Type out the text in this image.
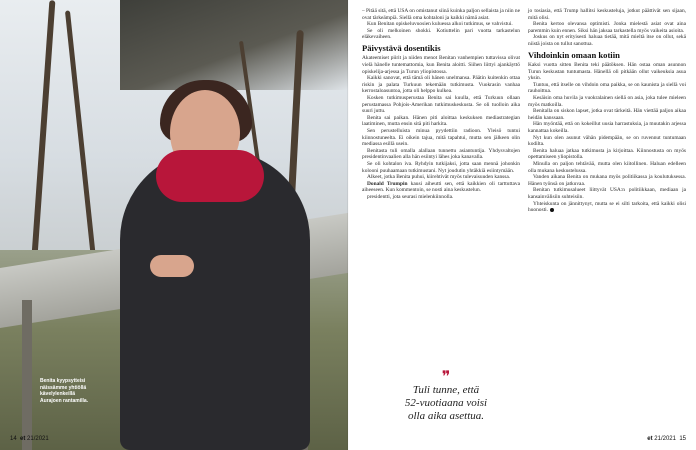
Benita kyypsytteisi
näissämme yhtiöllä
kävelylenkeillä
Aurajoen rantamilla.
14 et 21/2021

– Pitää sitä, että USA on omistanut siinä kuinka paljon sellaista ja niin ne ovat tärkeämpiä. Siellä oma kohtaloni ja kaikki nämä asiat.

Kun Benitan opiskeluvuosien kuluessa alkoi tutkimus, se vahvistui.

Se oli melkoinen shokki. Kotiuttelin pari vuotta tarkastelun eläkevaiheen.

Päivystävä dosentikis

Akateemiset piirit ja niiden menot Benitan vanhempien tuttavissa olivat vielä hänelle tuntemattomia, kun Benita aloitti. Siihen liittyi ajankäyttö opiskelija-arjessa ja Turun yliopistossa.

Kaikki sanovat, että tämä oli hänen unelmansa. Päätin kuitenkin ottaa riskin ja palata Turkuun tekemään tutkimusta. Vuokrasin vanhaa kerrostaloasuntoa, jotta oli helppo kulkea.

Kosken tutkimusperustaa Benita sai kuulla, että Turkuun ollaan perustamassa Pohjois-Amerikan tutkimuskeskusta. Se oli tuolloin aika suuri juttu.

Benita sai paikan. Hänen piti aloittaa keskuksen mediastrategian laatiminen, mutta ensin sitä piti harkita.

Sen perustelluista minua pyydettiin radioon. Yleisö tuntui kiinnostuneelta. Ei oikein tajua, mitä tapahtui, mutta sen jälkeen olin mediassa esillä usein.

Benitasta tuli omalla alallaan tunnettu asiantuntija. Yhdysvaltojen presidentinvaalien alla hän esiintyi lähes joka kanavalla.

Se oli kohtalon iva. Ryhdyin tutkijaksi, jotta saan mennä johonkin kolooni puuhaamaan tutkimustani. Nyt joudutin yhtäkkiä esiintymään.

Alkeet, jotka Benita puhui, kiirehtivät myös tulevaisuuden kanssa.

Donald Trumpin kausi aiheutti sen, että kaikkien oli tarttuttava aiheeseen. Kun kommentoin, se nosti aina keskustelun.

presidentti, jota seurasi mielenkiinnolla.

❞
Tuli tunne, että
52-vuotiaana voisi
olla aika asettua.

jo tosiasia, että Trump hallitsi keskusteluja, jotkut päättivät sen sijaan, mitä olisi.

Benita kertoo olevansa optimisti. Jonka mielestä asiat ovat aina paremmin kuin ennen. Siksi hän jaksaa tarkastella myös vaikeita asioita.

Joskus on nyt erityisesti haluaa tietää, mitä mieltä itse on ollut, sekä niistä joista on tullut sanottua.

Vihdoinkin omaan kotiin

Kaksi vuotta sitten Benita teki päätöksen. Hän ostaa oman asunnon Turun keskustan tuntumasta. Hänellä oli pitkään ollut vaikeuksia asua yksin.

Tuntuu, että itselle on vihdoin oma paikka, se on kaunista ja siellä voi rauhoittua.

Kesäisin oma huvila ja vuokralainen siellä on asia, joka tulee mieleen myös matkoilla.

Benitalla on siskon lapset, jotka ovat tärkeitä. Hän viettää paljon aikaa heidän kanssaan.

Hän myöntää, että on kokeillut uusia harrastuksia, ja muutakin arjessa kannattaa kokeilla.

Nyt kun olen asunut vähän pidempään, se on ruvennut tuntumaan kodilta.

Benita haluaa jatkaa tutkimusta ja kirjoittaa. Kiinnostusta on myös opettamiseen yliopistolla.

Minulla on paljon tehtävää, mutta olen kiitollinen. Haluan edelleen olla mukana keskustelussa.

Vanden aikana Benita on mukana myös politiikassa ja koulutuksessa. Hänen työnsä on jatkuvaa.

Benitan tutkimusalueet liittyvät USA:n politiikkaan, mediaan ja kansainvälisiin suhteisiin.

Yhteiskunta on jännittynyt, mutta se ei silti tarkoita, että kaikki olisi huonosti.

et 21/2021 15
